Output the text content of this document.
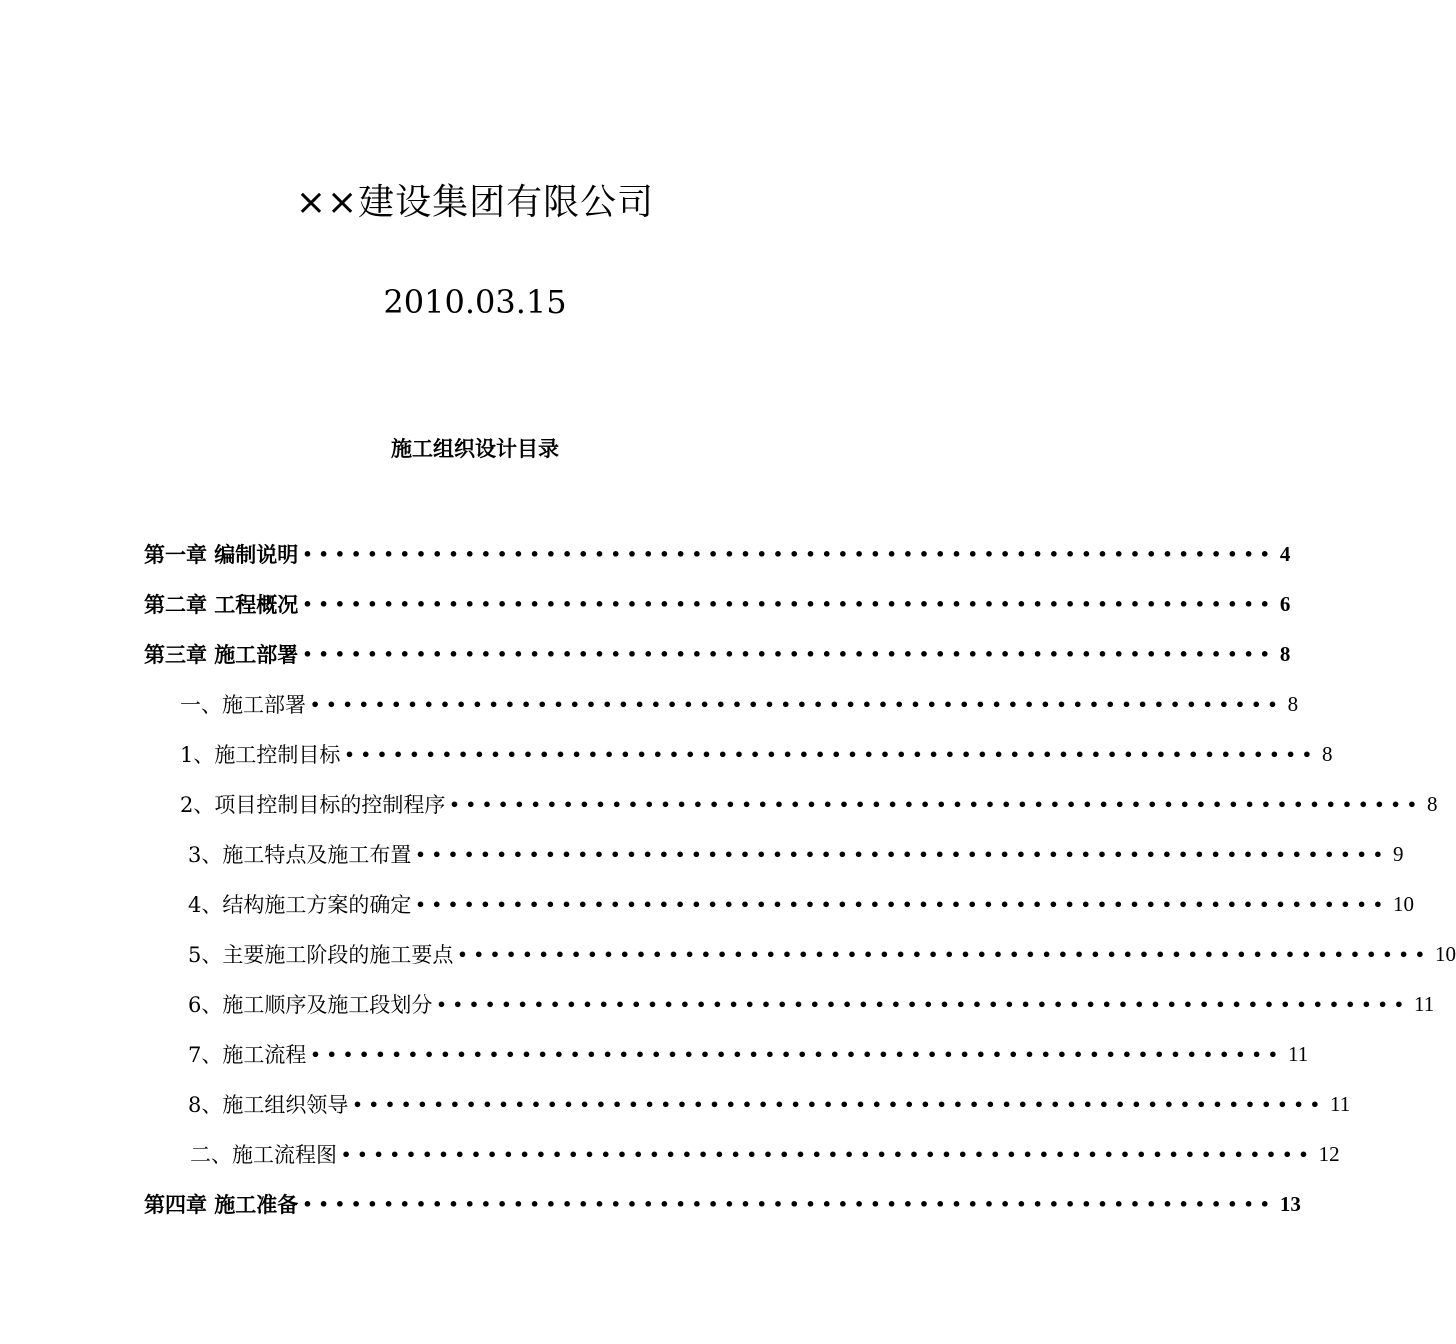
××建设集团有限公司
2010.03.15
施工组织设计目录
第一章 编制说明 •••••••••••••••••••••••••••••••••••••••••••••••••••••••••••• 4
第二章 工程概况 •••••••••••••••••••••••••••••••••••••••••••••••••••••••••••• 6
第三章 施工部署 •••••••••••••••••••••••••••••••••••••••••••••••••••••••••••• 8
一、施工部署 •••••••••••••••••••••••••••••••••••••••••••••••••••••••••••• 8
1、施工控制目标 •••••••••••••••••••••••••••••••••••••••••••••••••••••••••••• 8
2、项目控制目标的控制程序 •••••••••••••••••••••••••••••••••••••••••••••••••••••••••••• 8
3、施工特点及施工布置 •••••••••••••••••••••••••••••••••••••••••••••••••••••••••••• 9
4、结构施工方案的确定 •••••••••••••••••••••••••••••••••••••••••••••••••••••••••••• 10
5、主要施工阶段的施工要点 •••••••••••••••••••••••••••••••••••••••••••••••••••••••••••• 10
6、施工顺序及施工段划分 •••••••••••••••••••••••••••••••••••••••••••••••••••••••••••• 11
7、施工流程 •••••••••••••••••••••••••••••••••••••••••••••••••••••••••••• 11
8、施工组织领导 •••••••••••••••••••••••••••••••••••••••••••••••••••••••••••• 11
二、施工流程图 •••••••••••••••••••••••••••••••••••••••••••••••••••••••••••• 12
第四章 施工准备 •••••••••••••••••••••••••••••••••••••••••••••••••••••••••••• 13
